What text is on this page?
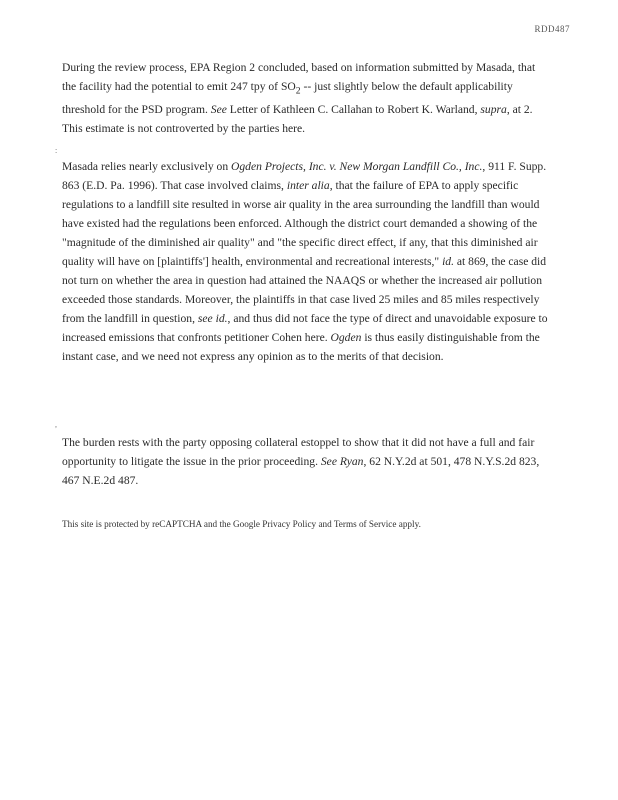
RDD487

During the review process, EPA Region 2 concluded, based on information submitted by Masada, that the facility had the potential to emit 247 tpy of $SO_2$ -- just slightly below the default applicability threshold for the PSD program. See Letter of Kathleen C. Callahan to Robert K. Warland, supra, at 2. This estimate is not controverted by the parties here.

:

Masada relies nearly exclusively on Ogden Projects, Inc. v. New Morgan Landfill Co., Inc., 911 F. Supp. 863 (E.D. Pa. 1996). That case involved claims, inter alia, that the failure of EPA to apply specific regulations to a landfill site resulted in worse air quality in the area surrounding the landfill than would have existed had the regulations been enforced. Although the district court demanded a showing of the "magnitude of the diminished air quality" and "the specific direct effect, if any, that this diminished air quality will have on [plaintiffs'] health, environmental and recreational interests," id. at 869, the case did not turn on whether the area in question had attained the NAAQS or whether the increased air pollution exceeded those standards. Moreover, the plaintiffs in that case lived 25 miles and 85 miles respectively from the landfill in question, see id., and thus did not face the type of direct and unavoidable exposure to increased emissions that confronts petitioner Cohen here. Ogden is thus easily distinguishable from the instant case, and we need not express any opinion as to the merits of that decision.

,

The burden rests with the party opposing collateral estoppel to show that it did not have a full and fair opportunity to litigate the issue in the prior proceeding. See Ryan, 62 N.Y.2d at 501, 478 N.Y.S.2d 823, 467 N.E.2d 487.

This site is protected by reCAPTCHA and the Google Privacy Policy and Terms of Service apply.
